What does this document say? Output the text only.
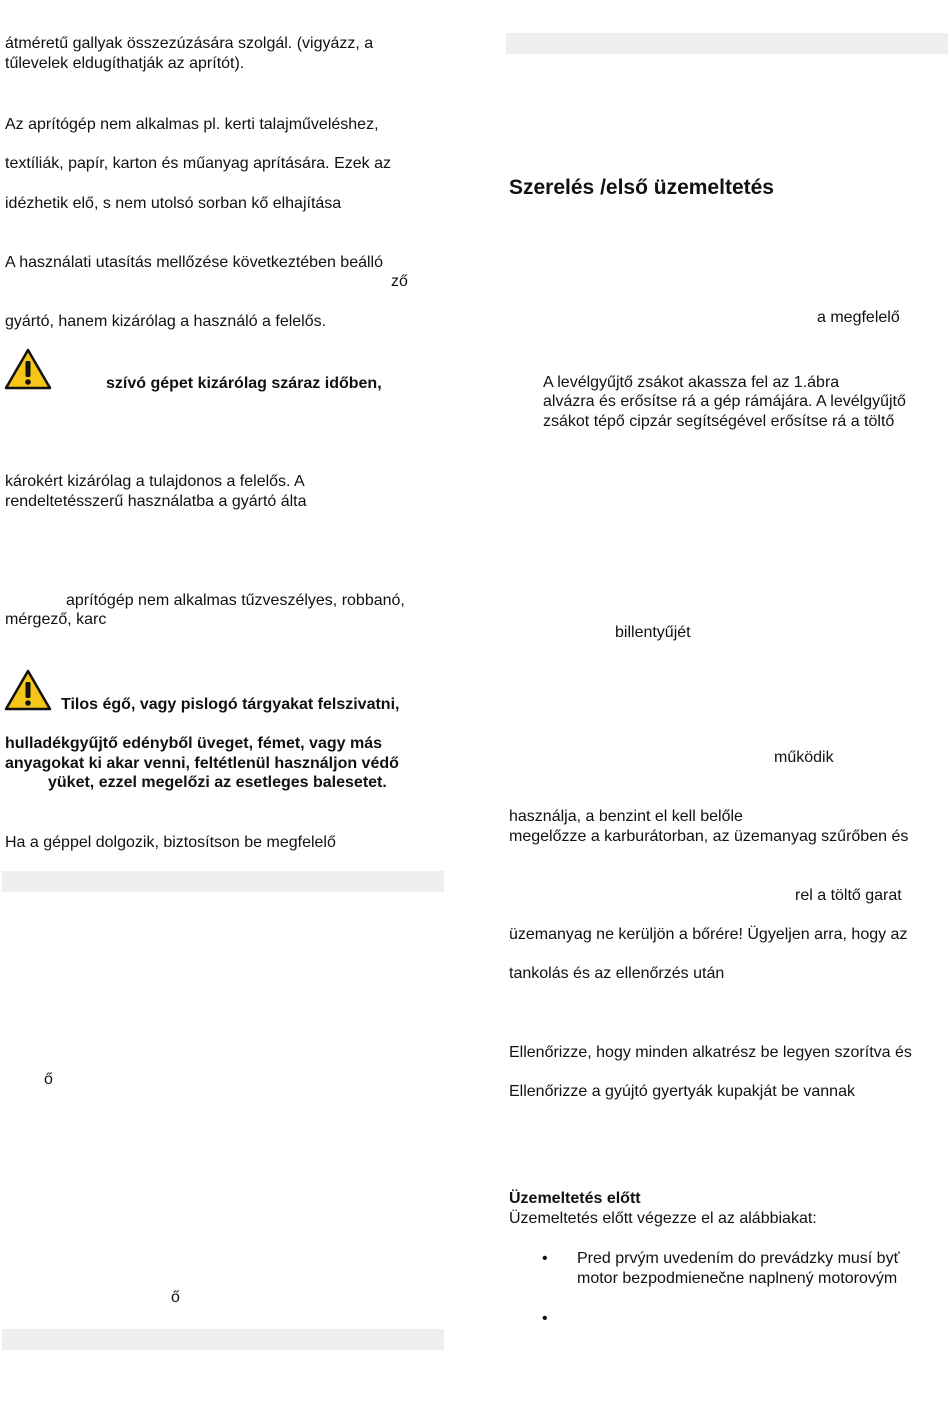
átméretű gallyak összezúzására szolgál. (vigyázz, a
tűlevelek eldugíthatják az aprítót).
Az aprítógép nem alkalmas pl. kerti talajműveléshez,
textíliák, papír, karton és műanyag aprítására. Ezek az
idézhetik elő, s nem utolsó sorban kő elhajítása
A használati utasítás mellőzése következtében beálló
ző
gyártó, hanem kizárólag a használó a felelős.
szívó gépet kizárólag száraz időben,
károkért kizárólag a tulajdonos a felelős. A
rendeltetésszerű használatba a gyártó álta
aprítógép nem alkalmas tűzveszélyes, robbanó,
mérgező, karc
Tilos égő, vagy pislogó tárgyakat felszivatni,
hulladékgyűjtő edényből üveget, fémet, vagy más
anyagokat ki akar venni, feltétlenül használjon védő
yüket, ezzel megelőzi az esetleges balesetet.
Ha a géppel dolgozik, biztosítson be megfelelő
ő
ő
Szerelés /első üzemeltetés
a megfelelő
A levélgyűjtő zsákot akassza fel az 1.ábra
alvázra és erősítse rá a gép rámájára. A levélgyűjtő
zsákot tépő cipzár segítségével erősítse rá a töltő
billentyűjét
működik
használja, a benzint el kell belőle
megelőzze a karburátorban, az üzemanyag szűrőben és
rel a töltő garat
üzemanyag ne kerüljön a bőrére! Ügyeljen arra, hogy az
tankolás és az ellenőrzés után
Ellenőrizze, hogy minden alkatrész be legyen szorítva és
Ellenőrizze a gyújtó gyertyák kupakját be vannak
Üzemeltetés előtt
Üzemeltetés előtt végezze el az alábbiakat:
• Pred prvým uvedením do prevádzky musí byť
motor bezpodmienečne naplnený motorovým
•
